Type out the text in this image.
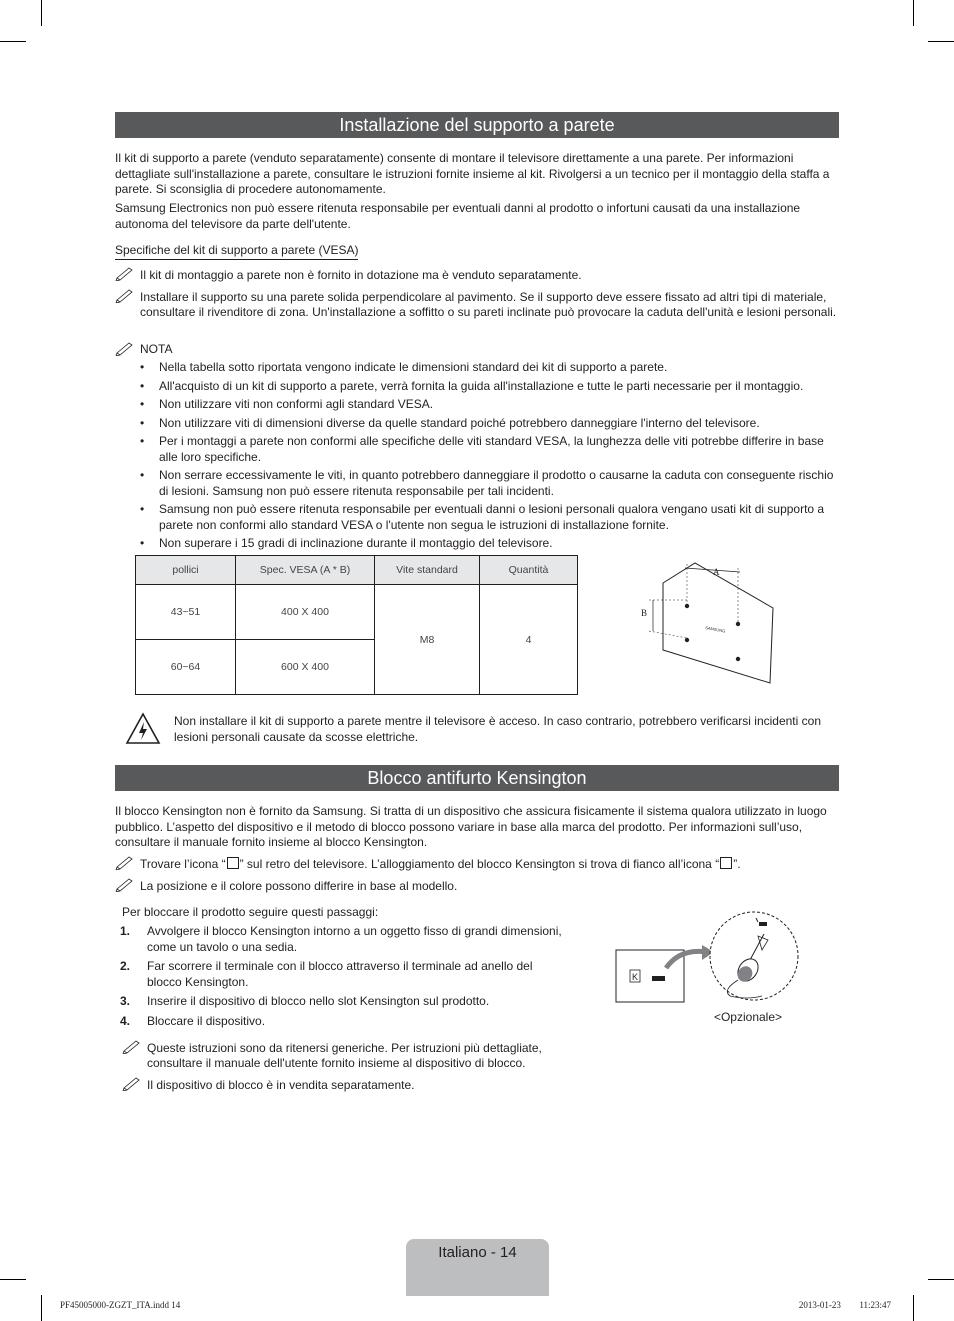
Installazione del supporto a parete
Il kit di supporto a parete (venduto separatamente) consente di montare il televisore direttamente a una parete. Per informazioni dettagliate sull'installazione a parete, consultare le istruzioni fornite insieme al kit. Rivolgersi a un tecnico per il montaggio della staffa a parete. Si sconsiglia di procedere autonomamente.
Samsung Electronics non può essere ritenuta responsabile per eventuali danni al prodotto o infortuni causati da una installazione autonoma del televisore da parte dell'utente.
Specifiche del kit di supporto a parete (VESA)
Il kit di montaggio a parete non è fornito in dotazione ma è venduto separatamente.
Installare il supporto su una parete solida perpendicolare al pavimento. Se il supporto deve essere fissato ad altri tipi di materiale, consultare il rivenditore di zona. Un'installazione a soffitto o su pareti inclinate può provocare la caduta dell'unità e lesioni personali.
NOTA
• Nella tabella sotto riportata vengono indicate le dimensioni standard dei kit di supporto a parete.
• All'acquisto di un kit di supporto a parete, verrà fornita la guida all'installazione e tutte le parti necessarie per il montaggio.
• Non utilizzare viti non conformi agli standard VESA.
• Non utilizzare viti di dimensioni diverse da quelle standard poiché potrebbero danneggiare l'interno del televisore.
• Per i montaggi a parete non conformi alle specifiche delle viti standard VESA, la lunghezza delle viti potrebbe differire in base alle loro specifiche.
• Non serrare eccessivamente le viti, in quanto potrebbero danneggiare il prodotto o causarne la caduta con conseguente rischio di lesioni. Samsung non può essere ritenuta responsabile per tali incidenti.
• Samsung non può essere ritenuta responsabile per eventuali danni o lesioni personali qualora vengano usati kit di supporto a parete non conformi allo standard VESA o l'utente non segua le istruzioni di installazione fornite.
• Non superare i 15 gradi di inclinazione durante il montaggio del televisore.
pollici	Spec. VESA (A * B)	Vite standard	Quantità
43~51	400 X 400	M8	4
60~64	600 X 400		
A
B
SAMSUNG
Non installare il kit di supporto a parete mentre il televisore è acceso. In caso contrario, potrebbero verificarsi incidenti con lesioni personali causate da scosse elettriche.
Blocco antifurto Kensington
Il blocco Kensington non è fornito da Samsung. Si tratta di un dispositivo che assicura fisicamente il sistema qualora utilizzato in luogo pubblico. L’aspetto del dispositivo e il metodo di blocco possono variare in base alla marca del prodotto. Per informazioni sull’uso, consultare il manuale fornito insieme al blocco Kensington.
Trovare l’icona “ ” sul retro del televisore. L’alloggiamento del blocco Kensington si trova di fianco all’icona “ ”.
La posizione e il colore possono differire in base al modello.
Per bloccare il prodotto seguire questi passaggi:
1. Avvolgere il blocco Kensington intorno a un oggetto fisso di grandi dimensioni, come un tavolo o una sedia.
2. Far scorrere il terminale con il blocco attraverso il terminale ad anello del blocco Kensington.
3. Inserire il dispositivo di blocco nello slot Kensington sul prodotto.
4. Bloccare il dispositivo.
Queste istruzioni sono da ritenersi generiche. Per istruzioni più dettagliate, consultare il manuale dell'utente fornito insieme al dispositivo di blocco.
Il dispositivo di blocco è in vendita separatamente.
K
<Opzionale>
Italiano - 14
PF45005000-ZGZT_ITA.indd 14	2013-01-23 ￿￿ 11:23:47
